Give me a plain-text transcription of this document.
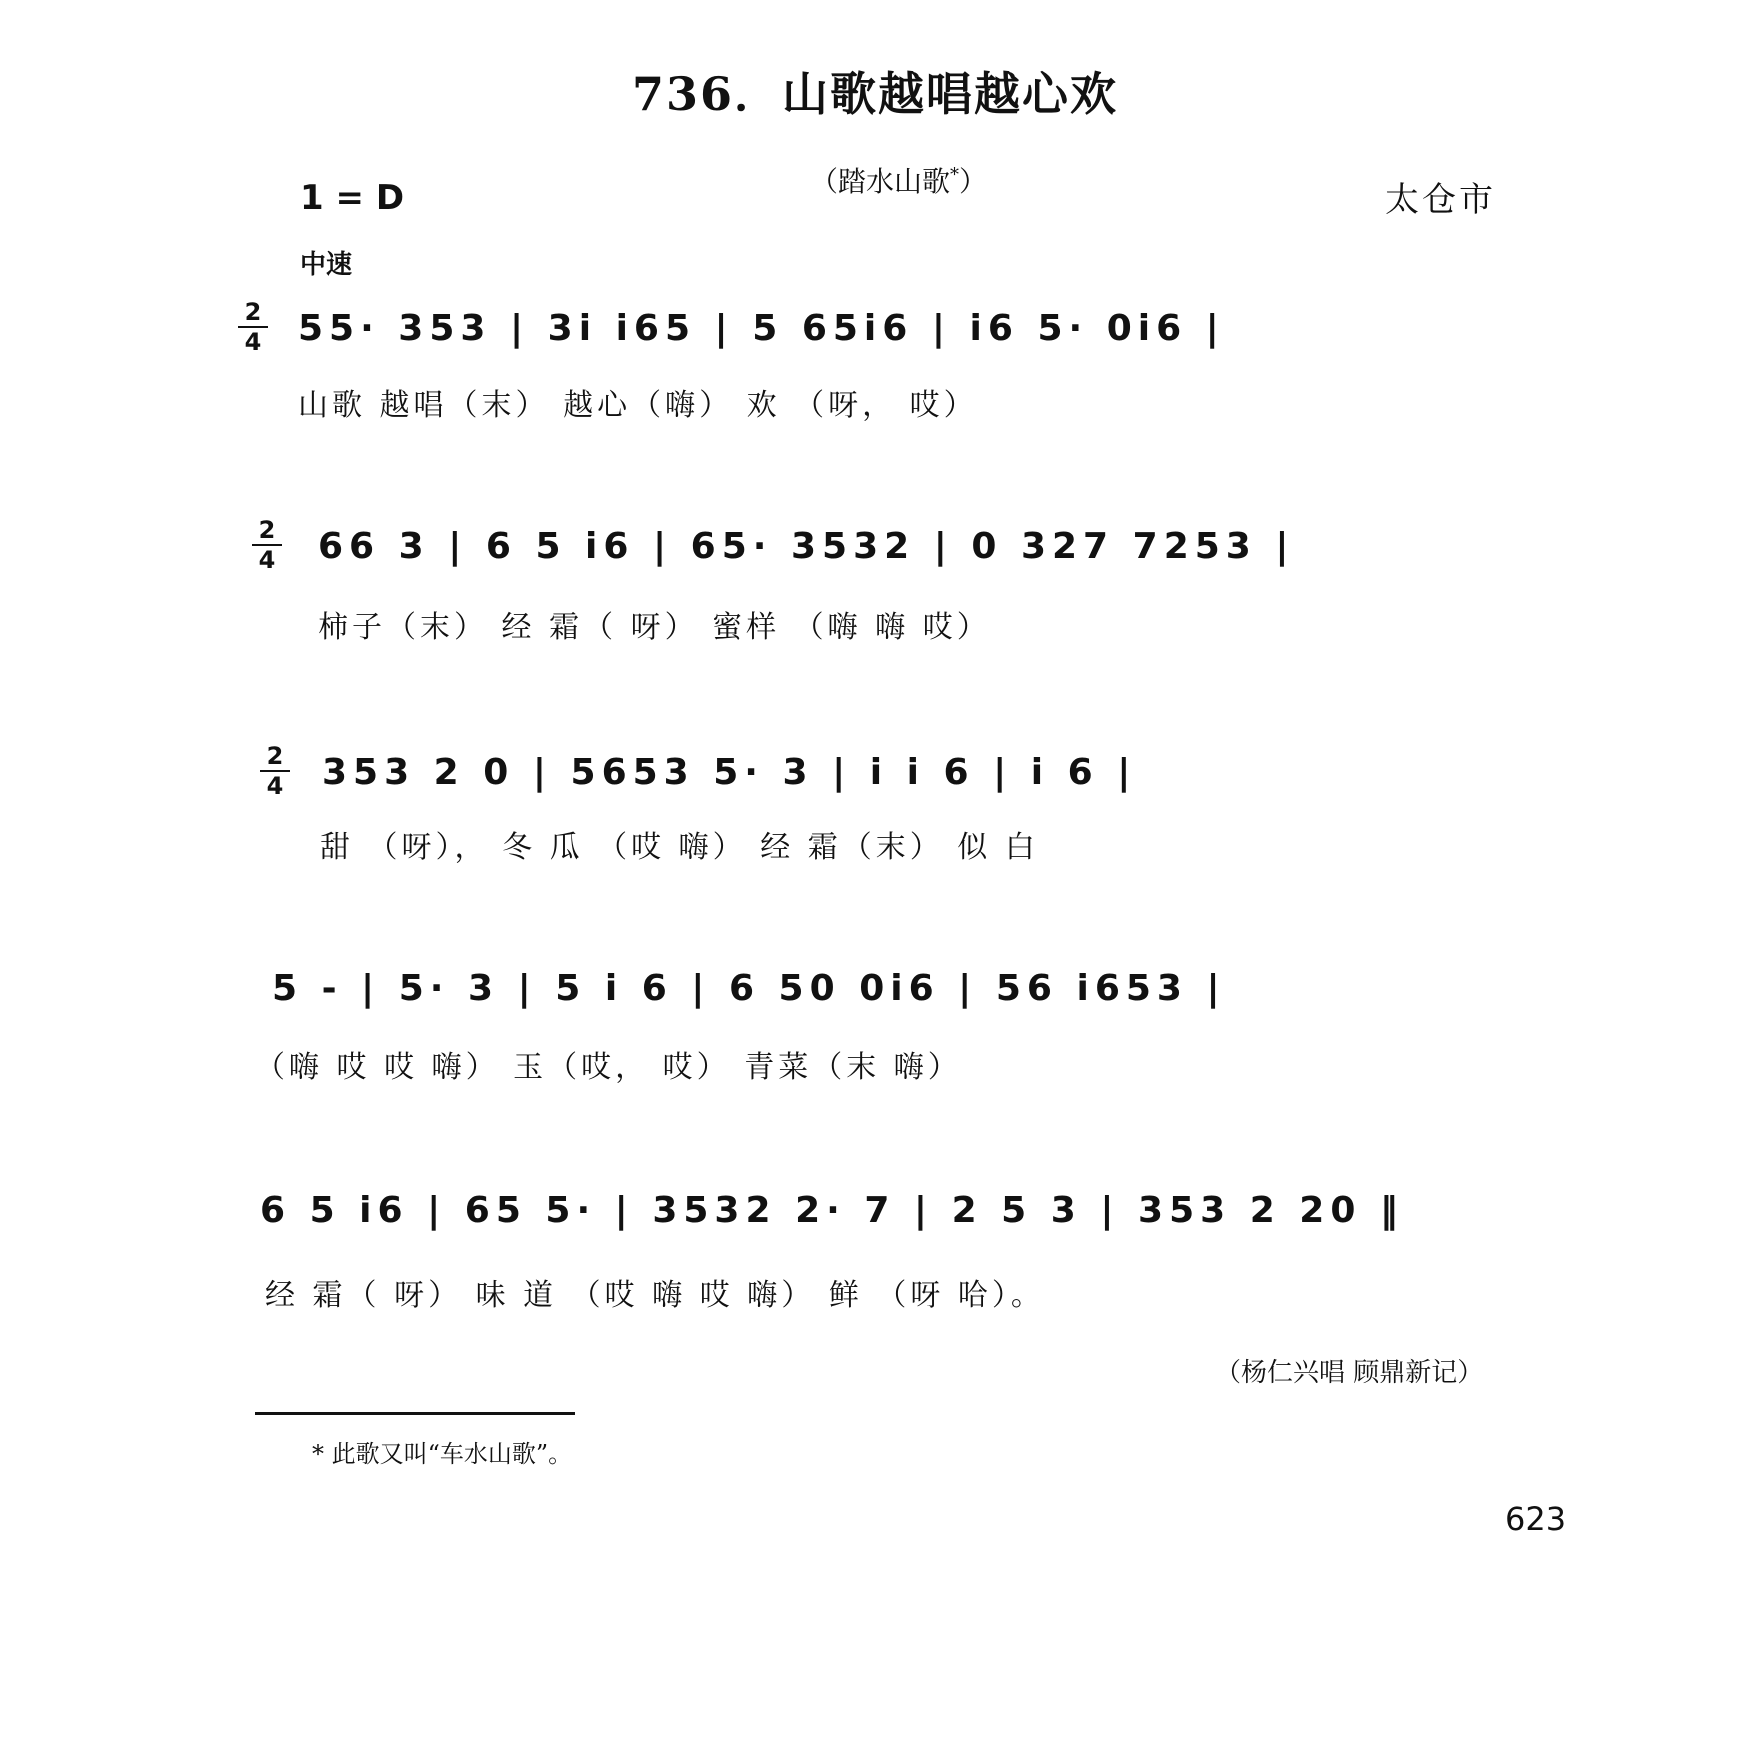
736．山歌越唱越心欢
（踏水山歌*）
1 = D	太仓市
中速
2
4 55· 353 | 3i i65 | 5 65i6 | i6 5· 0i6 |
山歌 越唱（末） 越心（嗨） 欢 （呀， 哎）
2
4 66 3 | 6 5 i6 | 65· 3532 | 0 327 7253 |
柿子（末） 经 霜（ 呀） 蜜样 （嗨 嗨 哎）
2
4 353 2 0 | 5653 5· 3 | i i 6 | i 6 |
甜 （呀）， 冬 瓜 （哎 嗨） 经 霜（末） 似 白
5 - | 5· 3 | 5 i 6 | 6 50 0i6 | 56 i653 |
（嗨 哎 哎 嗨） 玉（哎， 哎） 青菜（末 嗨）
6 5 i6 | 65 5· | 3532 2· 7 | 2 5 3 | 353 2 20 ‖
经 霜（ 呀） 味 道 （哎 嗨 哎 嗨） 鲜 （呀 哈）。
（杨仁兴唱 顾鼎新记）
* 此歌又叫“车水山歌”。
623
